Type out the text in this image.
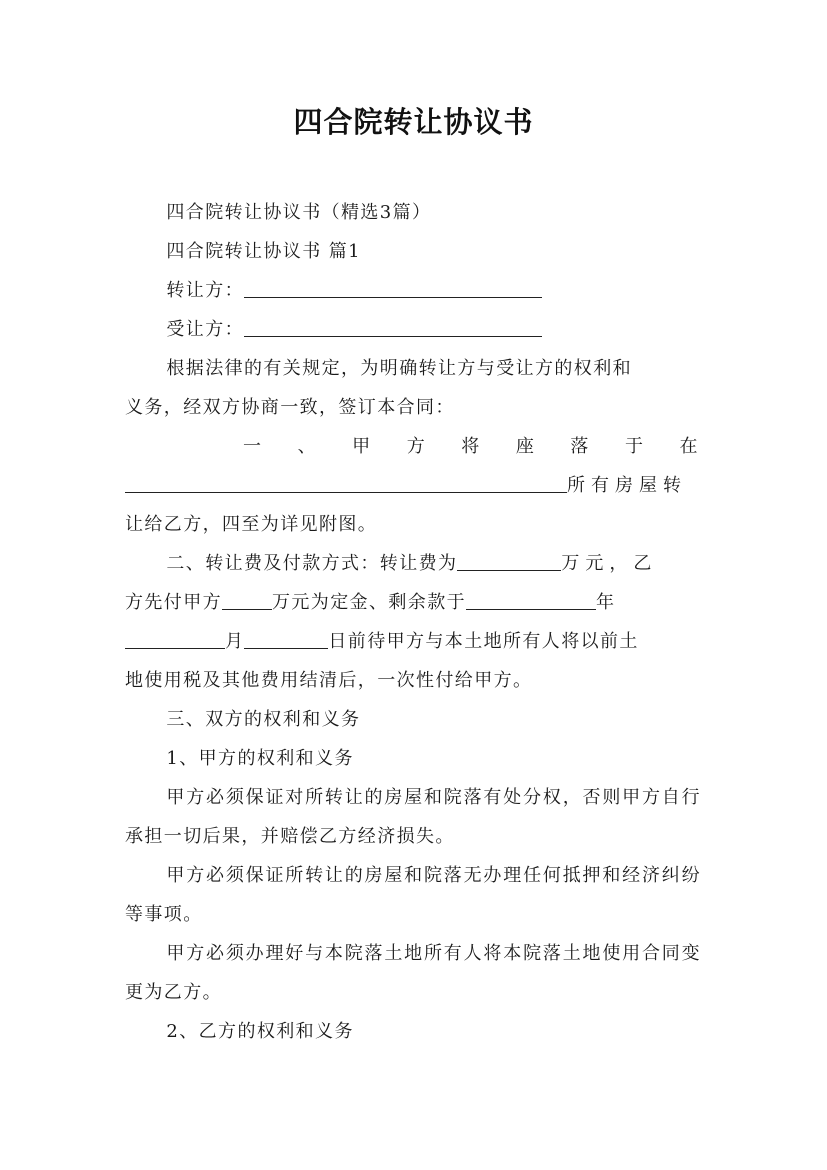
四合院转让协议书

四合院转让协议书（精选3篇）

四合院转让协议书 篇1

转让方：

受让方：

根据法律的有关规定，为明确转让方与受让方的权利和

义务，经双方协商一致，签订本合同：

一 、 甲 方 将 座 落 于 在

所有房屋转

让给乙方，四至为详见附图。

二、转让费及付款方式：转让费为	万元，乙

方先付甲方	万元为定金、剩余款于	年

月	日前待甲方与本土地所有人将以前土

地使用税及其他费用结清后，一次性付给甲方。

三、双方的权利和义务

1、甲方的权利和义务

甲方必须保证对所转让的房屋和院落有处分权，否则甲方自行承担一切后果，并赔偿乙方经济损失。

甲方必须保证所转让的房屋和院落无办理任何抵押和经济纠纷等事项。

甲方必须办理好与本院落土地所有人将本院落土地使用合同变更为乙方。

2、乙方的权利和义务
